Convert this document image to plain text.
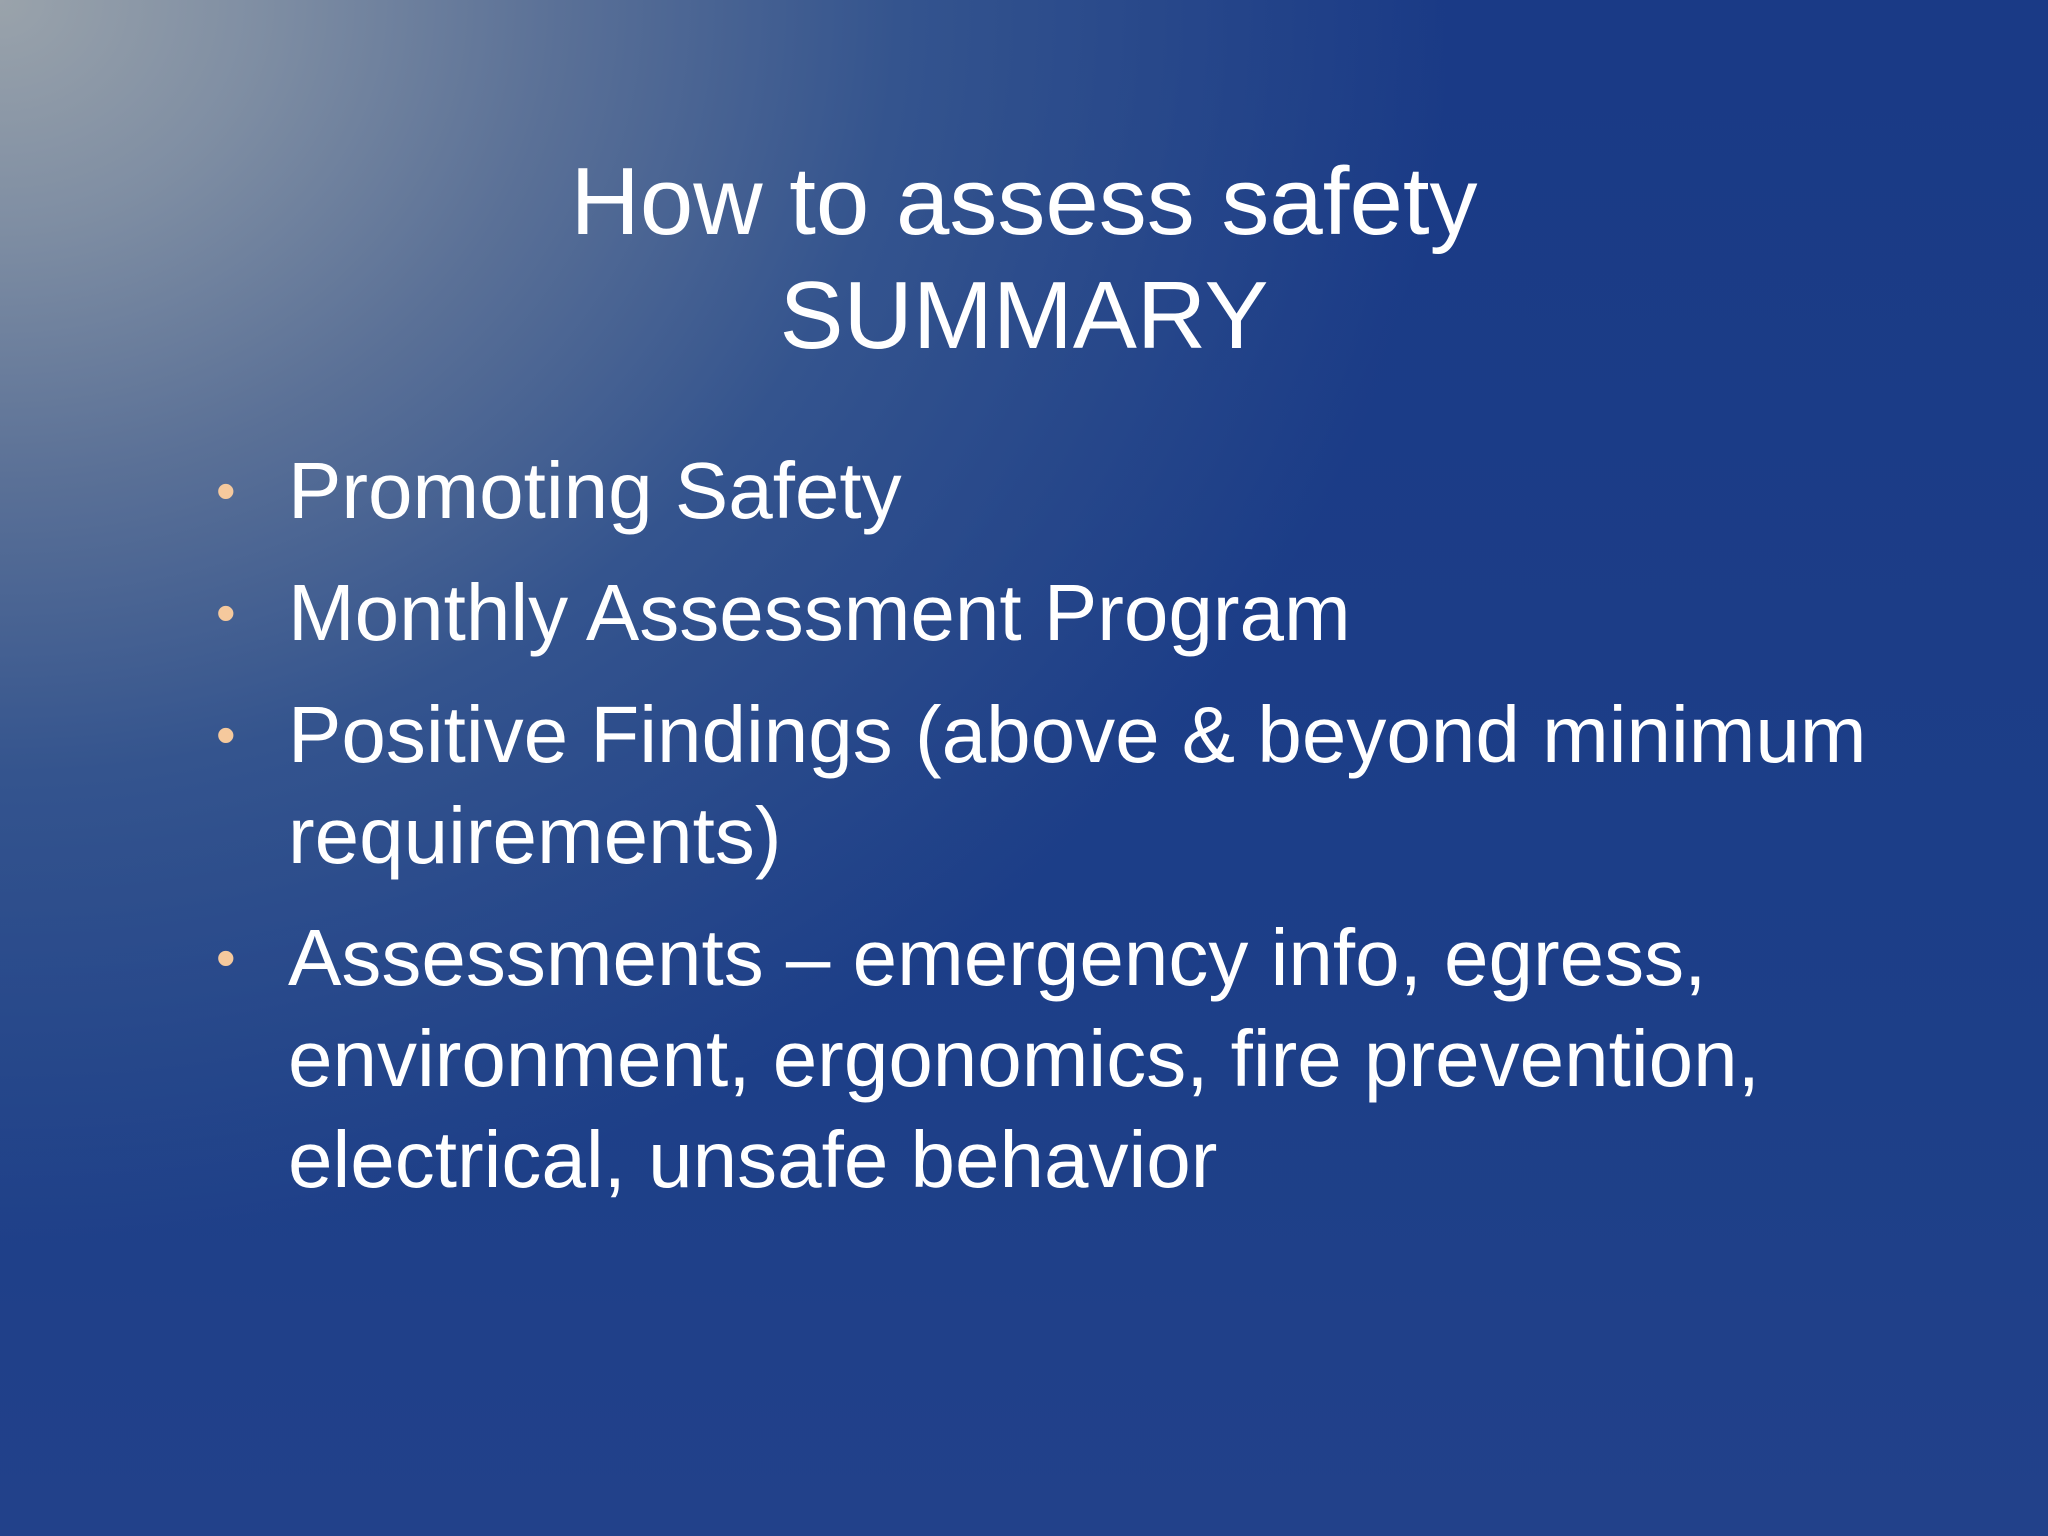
How to assess safety
SUMMARY
• Promoting Safety
• Monthly Assessment Program
• Positive Findings (above & beyond minimum requirements)
• Assessments – emergency info, egress, environment, ergonomics, fire prevention, electrical, unsafe behavior
